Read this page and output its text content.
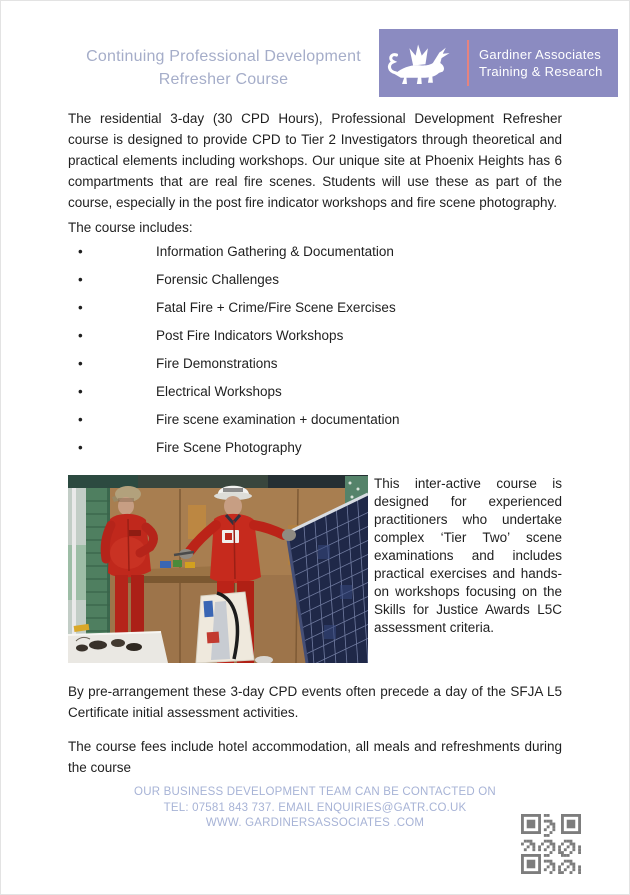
Continuing Professional Development
Refresher Course
Gardiner Associates
Training & Research

The residential 3-day (30 CPD Hours), Professional Development Refresher course is designed to provide CPD to Tier 2 Investigators through theoretical and practical elements including workshops. Our unique site at Phoenix Heights has 6 compartments that are real fire scenes. Students will use these as part of the course, especially in the post fire indicator workshops and fire scene photography.

The course includes:

• Information Gathering & Documentation
• Forensic Challenges
• Fatal Fire + Crime/Fire Scene Exercises
• Post Fire Indicators Workshops
• Fire Demonstrations
• Electrical Workshops
• Fire scene examination + documentation
• Fire Scene Photography

This inter-active course is designed for experienced practitioners who undertake complex ‘Tier Two’ scene examinations and includes practical exercises and hands-on workshops focusing on the Skills for Justice Awards L5C assessment criteria.

By pre-arrangement these 3-day CPD events often precede a day of the SFJA L5 Certificate initial assessment activities.

The course fees include hotel accommodation, all meals and refreshments during the course

OUR BUSINESS DEVELOPMENT TEAM CAN BE CONTACTED ON
TEL: 07581 843 737. EMAIL ENQUIRIES@GATR.CO.UK
WWW. GARDINERSASSOCIATES .COM
